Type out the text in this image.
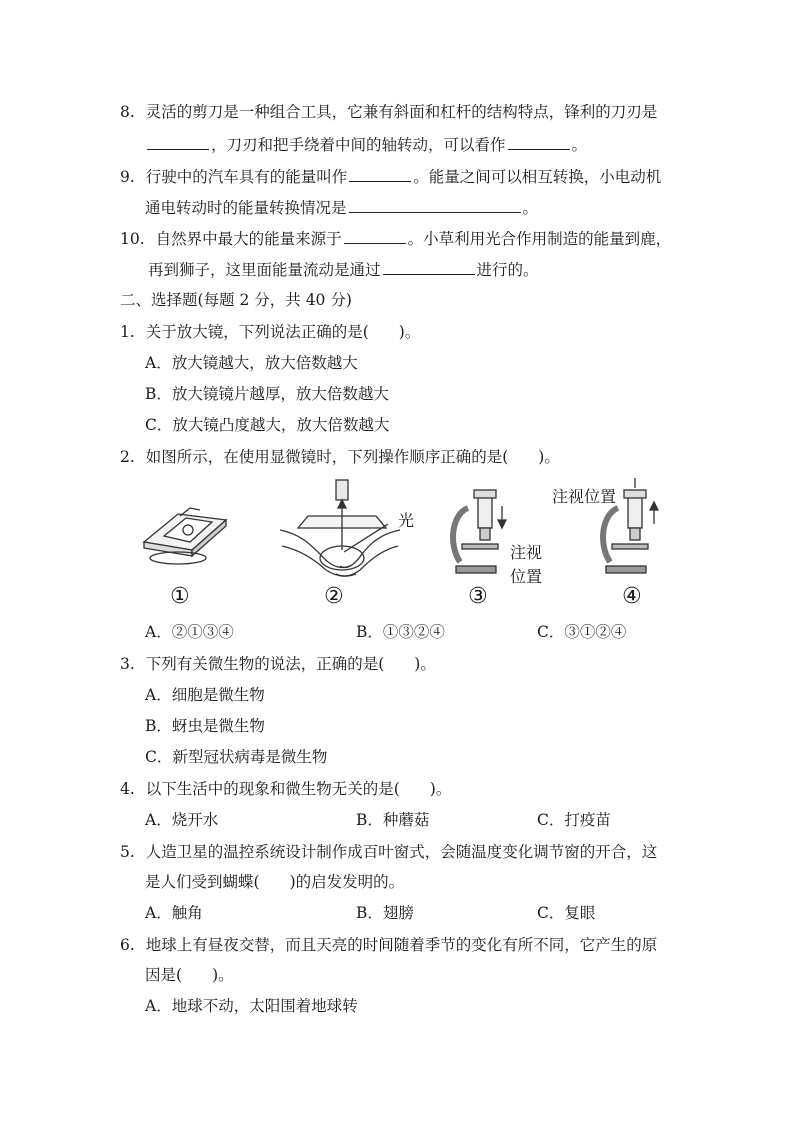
8. 灵活的剪刀是一种组合工具，它兼有斜面和杠杆的结构特点，锋利的刀刃是
，刀刃和把手绕着中间的轴转动，可以看作	。
9. 行驶中的汽车具有的能量叫作	。能量之间可以相互转换，小电动机
通电转动时的能量转换情况是	。
10. 自然界中最大的能量来源于	。小草利用光合作用制造的能量到鹿，
再到狮子，这里面能量流动是通过	进行的。
二、选择题(每题 2 分，共 40 分)
1. 关于放大镜，下列说法正确的是( )。
A．放大镜越大，放大倍数越大
B．放大镜镜片越厚，放大倍数越大
C．放大镜凸度越大，放大倍数越大
2. 如图所示，在使用显微镜时，下列操作顺序正确的是( )。
光
注视
位置
注视位置
①	②	③	④
A．②①③④	B．①③②④	C．③①②④
3. 下列有关微生物的说法，正确的是( )。
A．细胞是微生物
B．蚜虫是微生物
C．新型冠状病毒是微生物
4. 以下生活中的现象和微生物无关的是( )。
A．烧开水	B．种蘑菇	C．打疫苗
5. 人造卫星的温控系统设计制作成百叶窗式，会随温度变化调节窗的开合，这
是人们受到蝴蝶( )的启发发明的。
A．触角	B．翅膀	C．复眼
6. 地球上有昼夜交替，而且天亮的时间随着季节的变化有所不同，它产生的原
因是( )。
A．地球不动，太阳围着地球转
